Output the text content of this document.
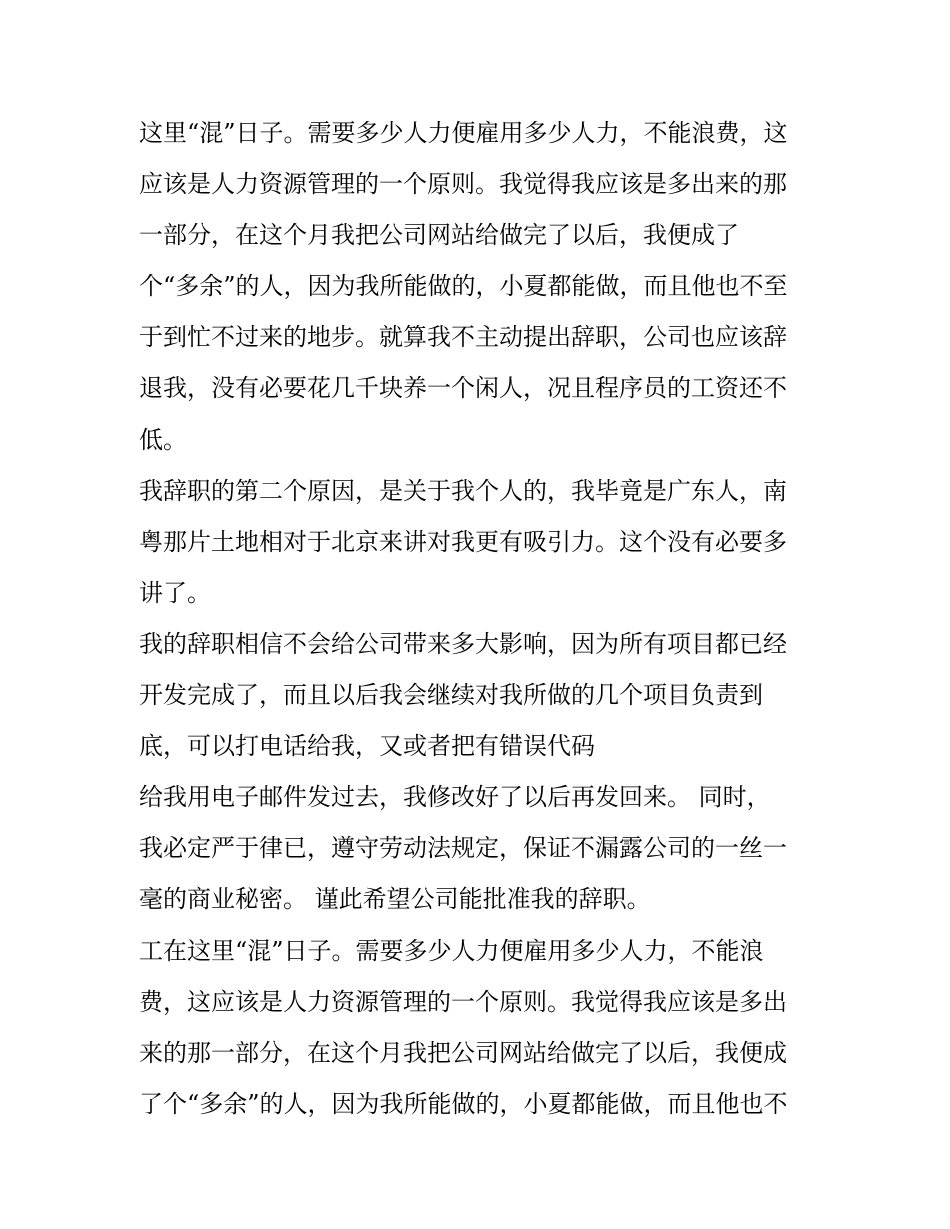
这里“混”日子。需要多少人力便雇用多少人力，不能浪费，这
应该是人力资源管理的一个原则。我觉得我应该是多出来的那
一部分，在这个月我把公司网站给做完了以后，我便成了
个“多余”的人，因为我所能做的，小夏都能做，而且他也不至
于到忙不过来的地步。就算我不主动提出辞职，公司也应该辞
退我，没有必要花几千块养一个闲人，况且程序员的工资还不
低。
我辞职的第二个原因，是关于我个人的，我毕竟是广东人，南
粤那片土地相对于北京来讲对我更有吸引力。这个没有必要多
讲了。
我的辞职相信不会给公司带来多大影响，因为所有项目都已经
开发完成了，而且以后我会继续对我所做的几个项目负责到
底，可以打电话给我，又或者把有错误代码
给我用电子邮件发过去，我修改好了以后再发回来。 同时，
我必定严于律已，遵守劳动法规定，保证不漏露公司的一丝一
毫的商业秘密。 谨此希望公司能批准我的辞职。
工在这里“混”日子。需要多少人力便雇用多少人力，不能浪
费，这应该是人力资源管理的一个原则。我觉得我应该是多出
来的那一部分，在这个月我把公司网站给做完了以后，我便成
了个“多余”的人，因为我所能做的，小夏都能做，而且他也不
